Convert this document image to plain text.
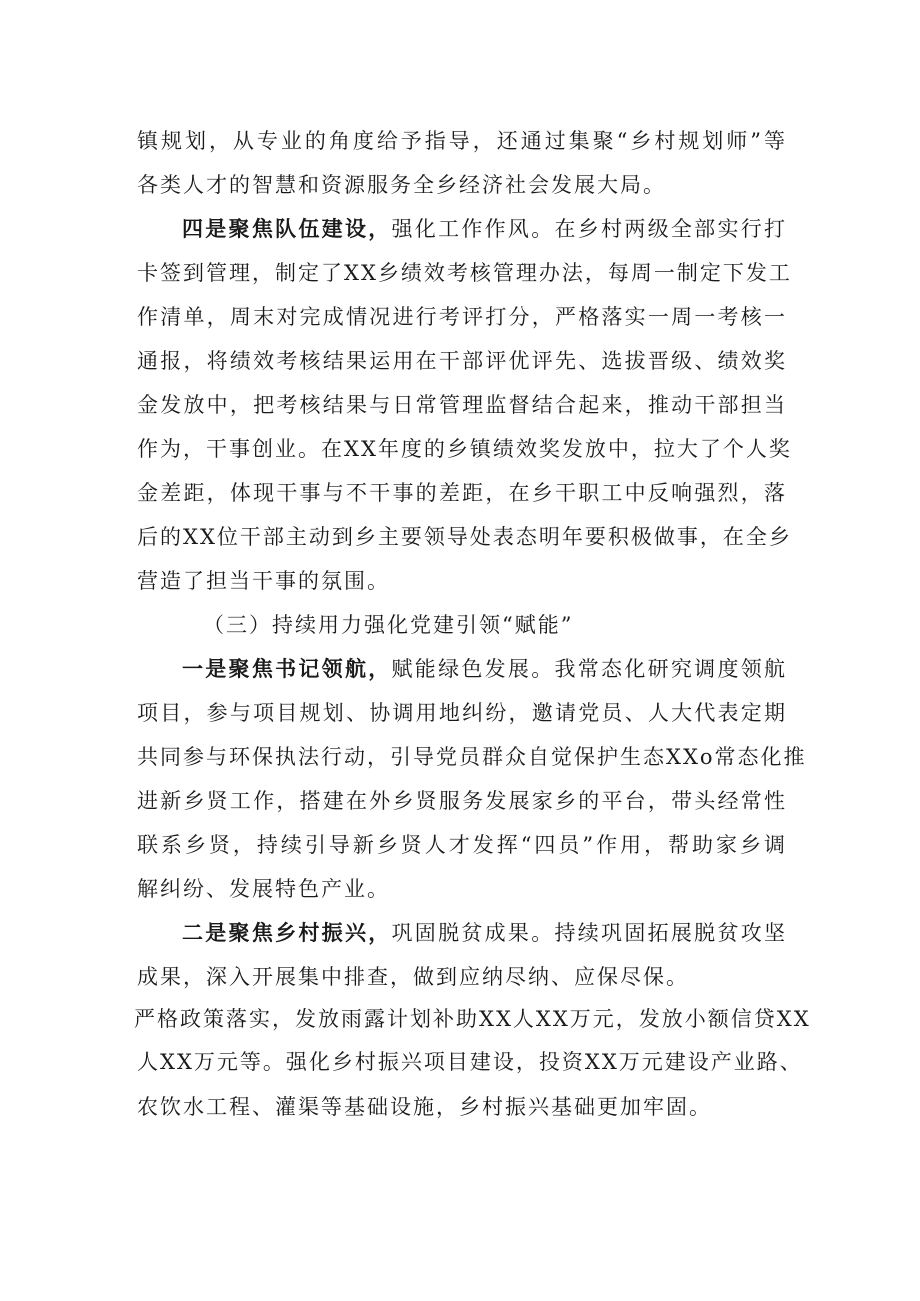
镇规划，从专业的角度给予指导，还通过集聚“乡村规划师”等
各类人才的智慧和资源服务全乡经济社会发展大局。
四是聚焦队伍建设，强化工作作风。在乡村两级全部实行打
卡签到管理，制定了XX乡绩效考核管理办法，每周一制定下发工
作清单，周末对完成情况进行考评打分，严格落实一周一考核一
通报，将绩效考核结果运用在干部评优评先、选拔晋级、绩效奖
金发放中，把考核结果与日常管理监督结合起来，推动干部担当
作为，干事创业。在XX年度的乡镇绩效奖发放中，拉大了个人奖
金差距，体现干事与不干事的差距，在乡干职工中反响强烈，落
后的XX位干部主动到乡主要领导处表态明年要积极做事，在全乡
营造了担当干事的氛围。
（三）持续用力强化党建引领“赋能”
一是聚焦书记领航，赋能绿色发展。我常态化研究调度领航
项目，参与项目规划、协调用地纠纷，邀请党员、人大代表定期
共同参与环保执法行动，引导党员群众自觉保护生态XXo常态化推
进新乡贤工作，搭建在外乡贤服务发展家乡的平台，带头经常性
联系乡贤，持续引导新乡贤人才发挥“四员”作用，帮助家乡调
解纠纷、发展特色产业。
二是聚焦乡村振兴，巩固脱贫成果。持续巩固拓展脱贫攻坚
成果，深入开展集中排查，做到应纳尽纳、应保尽保。
严格政策落实，发放雨露计划补助XX人XX万元，发放小额信贷XX
人XX万元等。强化乡村振兴项目建设，投资XX万元建设产业路、
农饮水工程、灌渠等基础设施，乡村振兴基础更加牢固。
